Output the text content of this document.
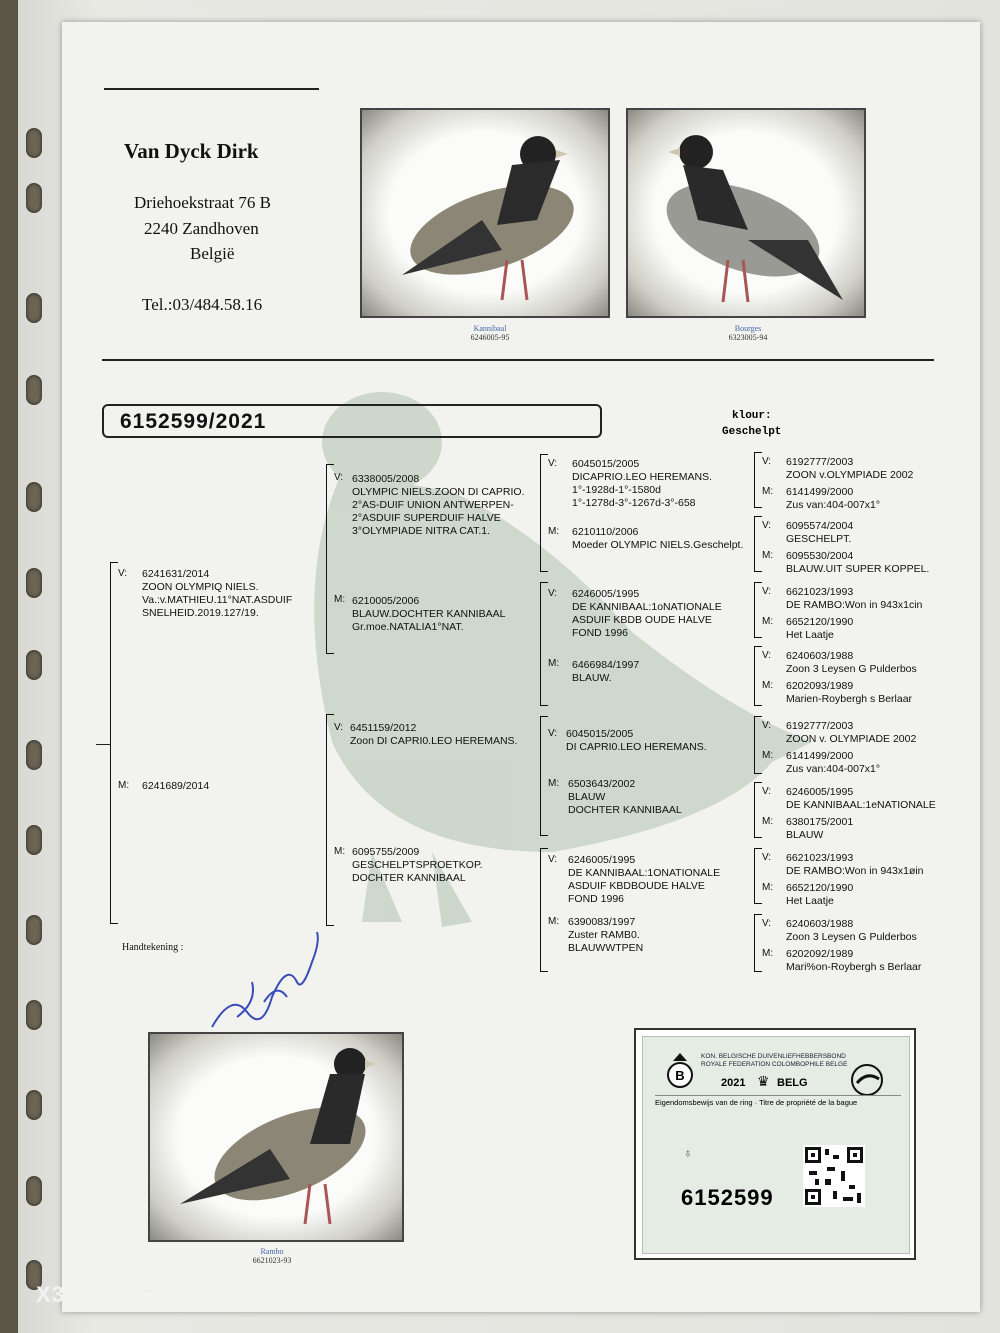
Van Dyck Dirk
Driehoekstraat 76 B
2240 Zandhoven
België
Tel.:03/484.58.16
Kannibaal
6246005-95
Bourges
6323005-94
6152599/2021	klour:
Geschelpt
V: 6241631/2014
ZOON OLYMPIQ NIELS.
Va.:v.MATHIEU.11°NAT.ASDUIF
SNELHEID.2019.127/19.
M: 6241689/2014
V: 6338005/2008
OLYMPIC NIELS.ZOON DI CAPRIO.
2°AS-DUIF UNION ANTWERPEN-
2°ASDUIF SUPERDUIF HALVE
3°OLYMPIADE NITRA CAT.1.
M: 6210005/2006
BLAUW.DOCHTER KANNIBAAL
Gr.moe.NATALIA1°NAT.
V: 6451159/2012
Zoon DI CAPRI0.LEO HEREMANS.
M: 6095755/2009
GESCHELPTSPROETKOP.
DOCHTER KANNIBAAL
V: 6045015/2005
DICAPRIO.LEO HEREMANS.
1°-1928d-1°-1580d
1°-1278d-3°-1267d-3°-658
M: 6210110/2006
Moeder OLYMPIC NIELS.Geschelpt.
V: 6246005/1995
DE KANNIBAAL:1oNATIONALE
ASDUIF KBDB OUDE HALVE
FOND 1996
M: 6466984/1997
BLAUW.
V: 6045015/2005
DI CAPRI0.LEO HEREMANS.
M: 6503643/2002
BLAUW
DOCHTER KANNIBAAL
V: 6246005/1995
DE KANNIBAAL:1ONATIONALE
ASDUIF KBDBOUDE HALVE
FOND 1996
M: 6390083/1997
Zuster RAMB0.
BLAUWWTPEN
V: 6192777/2003
ZOON v.OLYMPIADE 2002
M: 6141499/2000
Zus van:404-007x1°
V: 6095574/2004
GESCHELPT.
M: 6095530/2004
BLAUW.UIT SUPER KOPPEL.
V: 6621023/1993
DE RAMBO:Won in 943x1cin
M: 6652120/1990
Het Laatje
V: 6240603/1988
Zoon 3 Leysen G Pulderbos
M: 6202093/1989
Marien-Roybergh s Berlaar
V: 6192777/2003
ZOON v. OLYMPIADE 2002
M: 6141499/2000
Zus van:404-007x1°
V: 6246005/1995
DE KANNIBAAL:1eNATIONALE
M: 6380175/2001
BLAUW
V: 6621023/1993
DE RAMBO:Won in 943x1øin
M: 6652120/1990
Het Laatje
V: 6240603/1988
Zoon 3 Leysen G Pulderbos
M: 6202092/1989
Mari%on-Roybergh s Berlaar
Handtekening :
Rambo
6621023-93
B
KON. BELGISCHE DUIVENLIEFHEBBERSBOND
ROYALE FEDERATION COLOMBOPHILE BELGE
2021 ♛ BELG
Eigendomsbewijs van de ring · Titre de propriété de la bague
♁
6152599
X30 Pro 5G
